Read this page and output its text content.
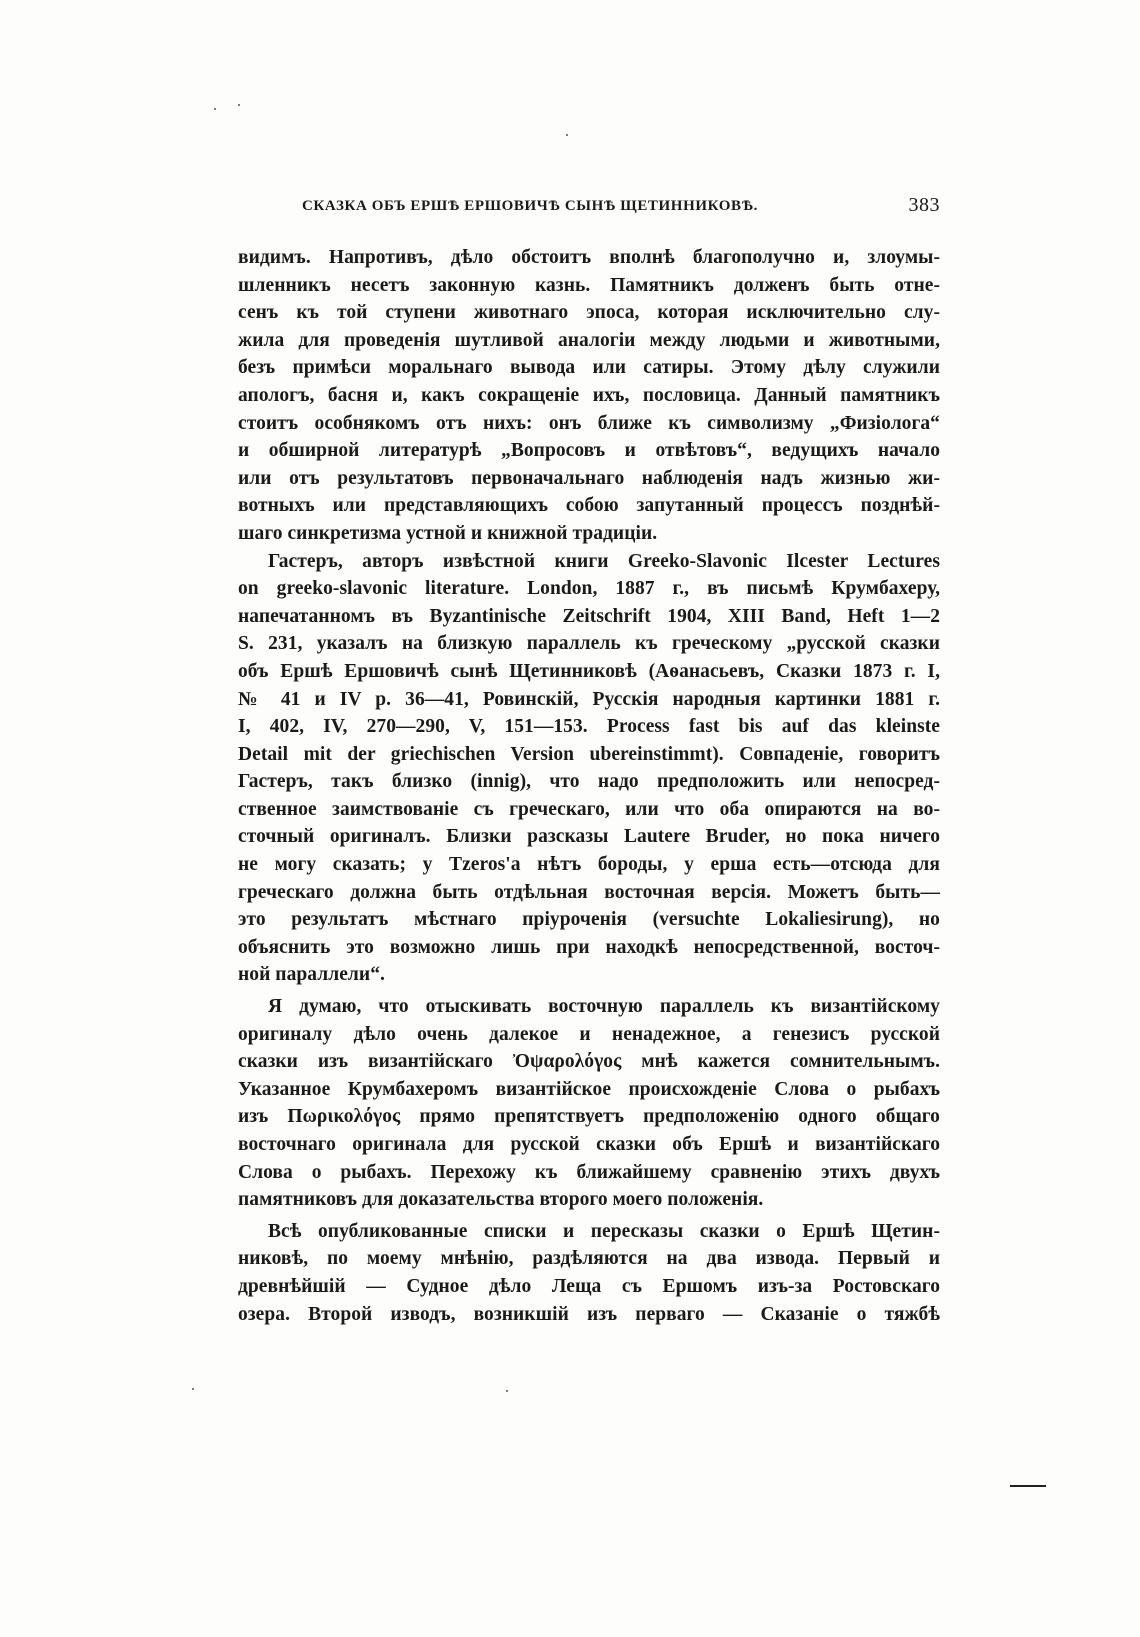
СКАЗКА ОБЪ ЕРШѢ ЕРШОВИЧѢ СЫНѢ ЩЕТИННИКОВѢ.	383
видимъ. Напротивъ, дѣло обстоитъ вполнѣ благополучно и, злоумы-
шленникъ несетъ законную казнь. Памятникъ долженъ быть отне-
сенъ къ той ступени животнаго эпоса, которая исключительно слу-
жила для проведенія шутливой аналогіи между людьми и животными,
безъ примѣси моральнаго вывода или сатиры. Этому дѣлу служили
апологъ, басня и, какъ сокращеніе ихъ, пословица. Данный памятникъ
стоитъ особнякомъ отъ нихъ: онъ ближе къ символизму „Физіолога“
и обширной литературѣ „Вопросовъ и отвѣтовъ“, ведущихъ начало
или отъ результатовъ первоначальнаго наблюденія надъ жизнью жи-
вотныхъ или представляющихъ собою запутанный процессъ позднѣй-
шаго синкретизма устной и книжной традиціи.
Гастеръ, авторъ извѣстной книги Greeko-Slavonic Ilcester Lectures
on greeko-slavonic literature. London, 1887 г., въ письмѣ Крумбахеру,
напечатанномъ въ Byzantinische Zeitschrift 1904, XIII Band, Heft 1—2
S. 231, указалъ на близкую параллель къ греческому „русской сказки
объ Ершѣ Ершовичѣ сынѣ Щетинниковѣ (Аѳанасьевъ, Сказки 1873 г. I,
№ 41 и IV p. 36—41, Ровинскій, Русскія народныя картинки 1881 г.
I, 402, IV, 270—290, V, 151—153. Process fast bis auf das kleinste
Detail mit der griechischen Version ubereinstimmt). Совпаденіе, говоритъ
Гастеръ, такъ близко (innig), что надо предположить или непосред-
ственное заимствованіе съ греческаго, или что оба опираются на во-
сточный оригиналъ. Близки разсказы Lautere Bruder, но пока ничего
не могу сказать; у Tzeros'a нѣтъ бороды, у ерша есть—отсюда для
греческаго должна быть отдѣльная восточная версія. Можетъ быть—
это результатъ мѣстнаго пріуроченія (versuchte Lokaliesirung), но
объяснить это возможно лишь при находкѣ непосредственной, восточ-
ной параллели“.
Я думаю, что отыскивать восточную параллель къ византійскому
оригиналу дѣло очень далекое и ненадежное, а генезисъ русской
сказки изъ византійскаго Ὀψαρολόγος мнѣ кажется сомнительнымъ.
Указанное Крумбахеромъ византійское происхожденіе Слова о рыбахъ
изъ Πωρικολόγος прямо препятствуетъ предположенію одного общаго
восточнаго оригинала для русской сказки объ Ершѣ и византійскаго
Слова о рыбахъ. Перехожу къ ближайшему сравненію этихъ двухъ
памятниковъ для доказательства второго моего положенія.
Всѣ опубликованные списки и пересказы сказки о Ершѣ Щетин-
никовѣ, по моему мнѣнію, раздѣляются на два извода. Первый и
древнѣйшій — Судное дѣло Леща съ Ершомъ изъ-за Ростовскаго
озера. Второй изводъ, возникшій изъ перваго — Сказаніе о тяжбѣ
